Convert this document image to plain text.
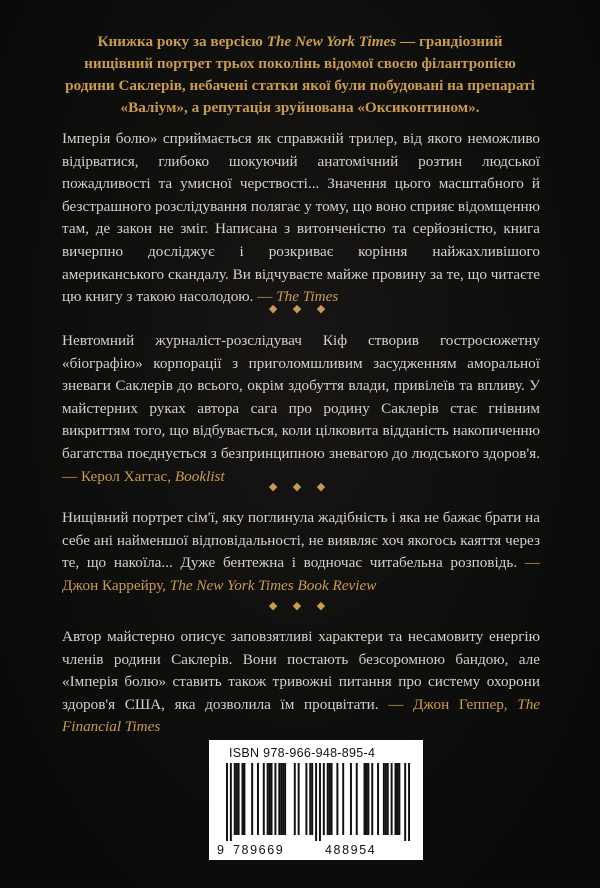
Книжка року за версією The New York Times — грандіозний нищівний портрет трьох поколінь відомої своєю філантропією родини Саклерів, небачені статки якої були побудовані на препараті «Валіум», а репутація зруйнована «Оксиконтином».

Імперія болю» сприймається як справжній трилер, від якого неможливо відірватися, глибоко шокуючий анатомічний розтин людської пожадливості та умисної черствості... Значення цього масштабного й безстрашного розслідування полягає у тому, що воно сприяє відомщенню там, де закон не зміг. Написана з витонченістю та серйозністю, книга вичерпно досліджує і розкриває коріння найжахливішого американського скандалу. Ви відчуваєте майже провину за те, що читаєте цю книгу з такою насолодою. — The Times

◆ ◆ ◆

Невтомний журналіст-розслідувач Кіф створив гостросюжетну «біографію» корпорації з приголомшливим засудженням аморальної зневаги Саклерів до всього, окрім здобуття влади, привілеїв та впливу. У майстерних руках автора сага про родину Саклерів стає гнівним викриттям того, що відбувається, коли цілковита відданість накопиченню багатства поєднується з безпринципною зневагою до людського здоров'я. — Керол Хаггас, Booklist

◆ ◆ ◆

Нищівний портрет сім'ї, яку поглинула жадібність і яка не бажає брати на себе ані найменшої відповідальності, не виявляє хоч якогось каяття через те, що накоїла... Дуже бентежна і водночас читабельна розповідь. — Джон Каррейру, The New York Times Book Review

◆ ◆ ◆

Автор майстерно описує заповзятливі характери та несамовиту енергію членів родини Саклерів. Вони постають безсоромною бандою, але «Імперія болю» ставить також тривожні питання про систему охорони здоров'я США, яка дозволила їм процвітати. — Джон Геппер, The Financial Times

ISBN 978-966-948-895-4

9 789669	488954
